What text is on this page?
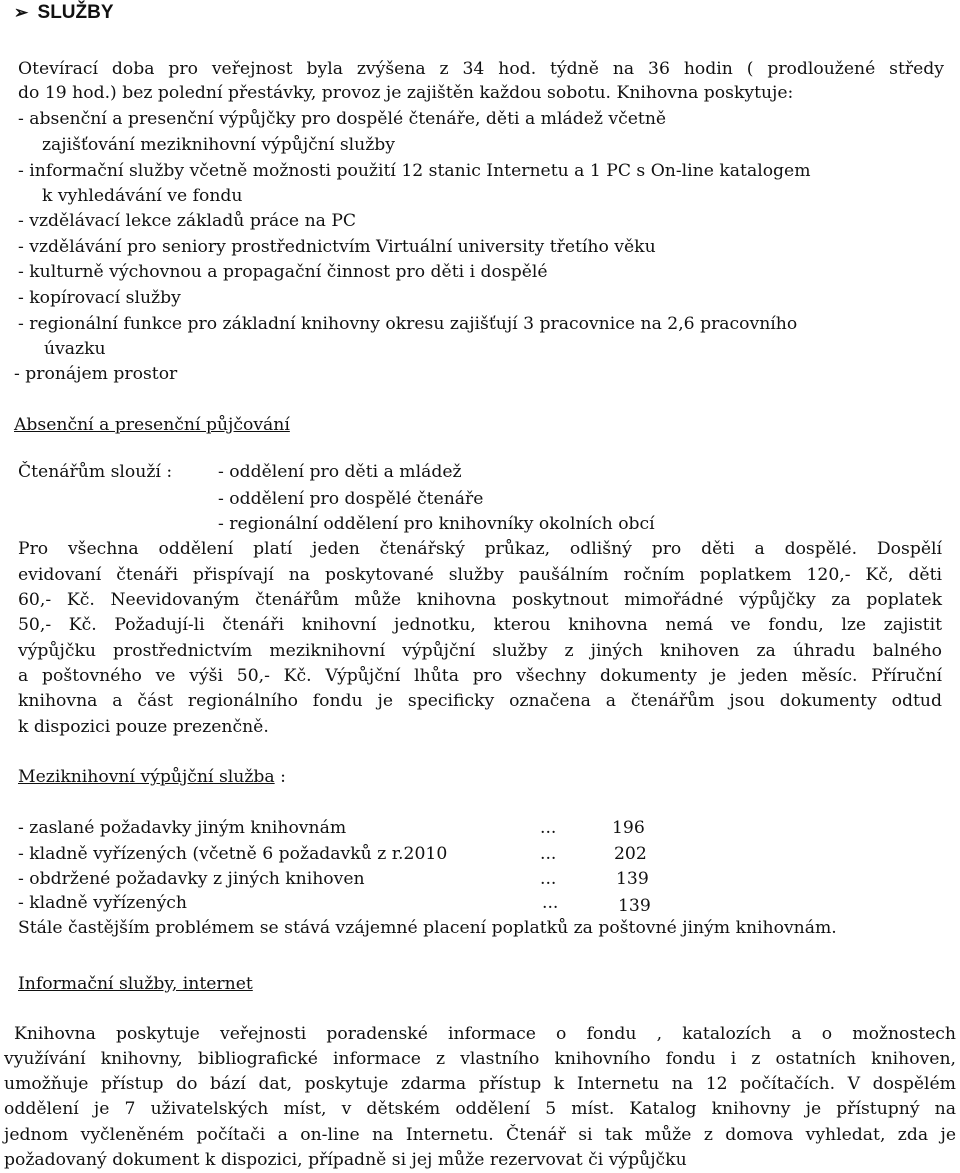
➢ SLUŽBY
Otevírací doba pro veřejnost byla zvýšena z 34 hod. týdně na 36 hodin ( prodloužené středy
do 19 hod.) bez polední přestávky, provoz je zajištěn každou sobotu. Knihovna poskytuje:
- absenční a presenční výpůjčky pro dospělé čtenáře, děti a mládež včetně
zajišťování meziknihovní výpůjční služby
- informační služby včetně možnosti použití 12 stanic Internetu a 1 PC s On-line katalogem
k vyhledávání ve fondu
- vzdělávací lekce základů práce na PC
- vzdělávání pro seniory prostřednictvím Virtuální university třetího věku
- kulturně výchovnou a propagační činnost pro děti i dospělé
- kopírovací služby
- regionální funkce pro základní knihovny okresu zajišťují 3 pracovnice na 2,6 pracovního
úvazku
- pronájem prostor
Absenční a presenční půjčování
Čtenářům slouží :	- oddělení pro děti a mládež
- oddělení pro dospělé čtenáře
- regionální oddělení pro knihovníky okolních obcí
Pro všechna oddělení platí jeden čtenářský průkaz, odlišný pro děti a dospělé. Dospělí
evidovaní čtenáři přispívají na poskytované služby paušálním ročním poplatkem 120,- Kč, děti
60,- Kč. Neevidovaným čtenářům může knihovna poskytnout mimořádné výpůjčky za poplatek
50,- Kč. Požadují-li čtenáři knihovní jednotku, kterou knihovna nemá ve fondu, lze zajistit
výpůjčku prostřednictvím meziknihovní výpůjční služby z jiných knihoven za úhradu balného
a poštovného ve výši 50,- Kč. Výpůjční lhůta pro všechny dokumenty je jeden měsíc. Příruční
knihovna a část regionálního fondu je specificky označena a čtenářům jsou dokumenty odtud
k dispozici pouze prezenčně.
Meziknihovní výpůjční služba :
- zaslané požadavky jiným knihovnám	...	196
- kladně vyřízených (včetně 6 požadavků z r.2010	...	202
- obdržené požadavky z jiných knihoven	...	139
- kladně vyřízených	...	139
Stále častějším problémem se stává vzájemné placení poplatků za poštovné jiným knihovnám.
Informační služby, internet
Knihovna poskytuje veřejnosti poradenské informace o fondu , katalozích a o možnostech
využívání knihovny, bibliografické informace z vlastního knihovního fondu i z ostatních knihoven,
umožňuje přístup do bází dat, poskytuje zdarma přístup k Internetu na 12 počítačích. V dospělém
oddělení je 7 uživatelských míst, v dětském oddělení 5 míst. Katalog knihovny je přístupný na
jednom vyčleněném počítači a on-line na Internetu. Čtenář si tak může z domova vyhledat, zda je
požadovaný dokument k dispozici, případně si jej může rezervovat či výpůjčku
